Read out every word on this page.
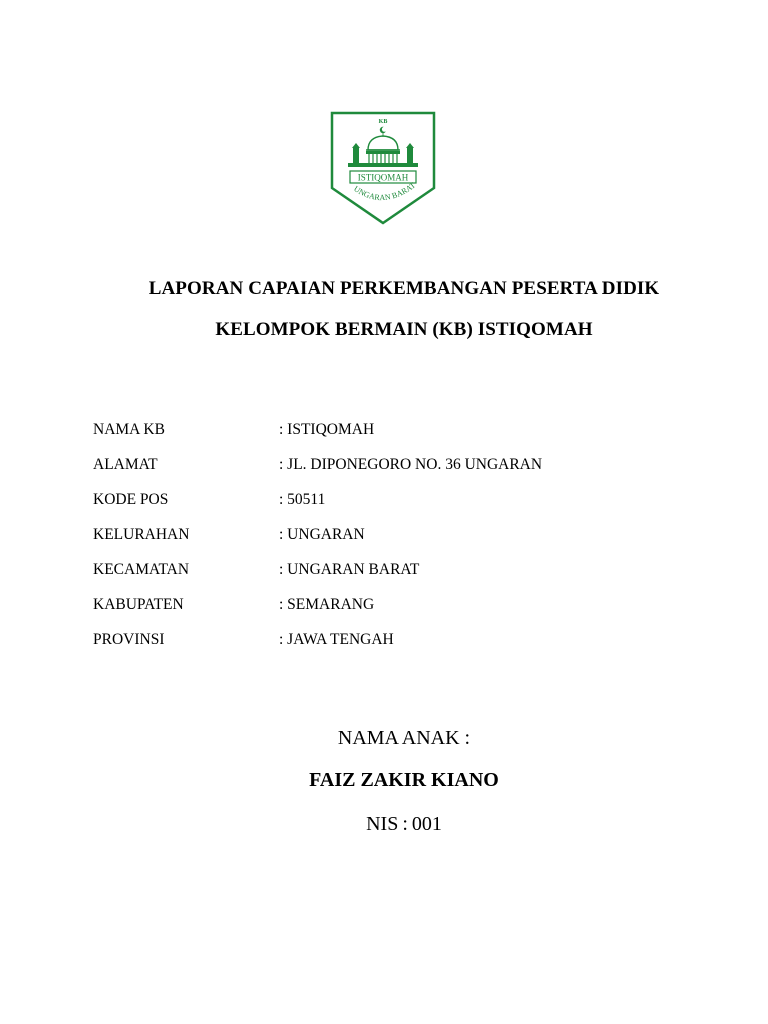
KB
ISTIQOMAH
UNGARAN BARAT
LAPORAN CAPAIAN PERKEMBANGAN PESERTA DIDIK
KELOMPOK BERMAIN (KB) ISTIQOMAH
NAMA KB	: ISTIQOMAH
ALAMAT	: JL. DIPONEGORO NO. 36 UNGARAN
KODE POS	: 50511
KELURAHAN	: UNGARAN
KECAMATAN	: UNGARAN BARAT
KABUPATEN	: SEMARANG
PROVINSI	: JAWA TENGAH
NAMA ANAK :
FAIZ ZAKIR KIANO
NIS : 001
